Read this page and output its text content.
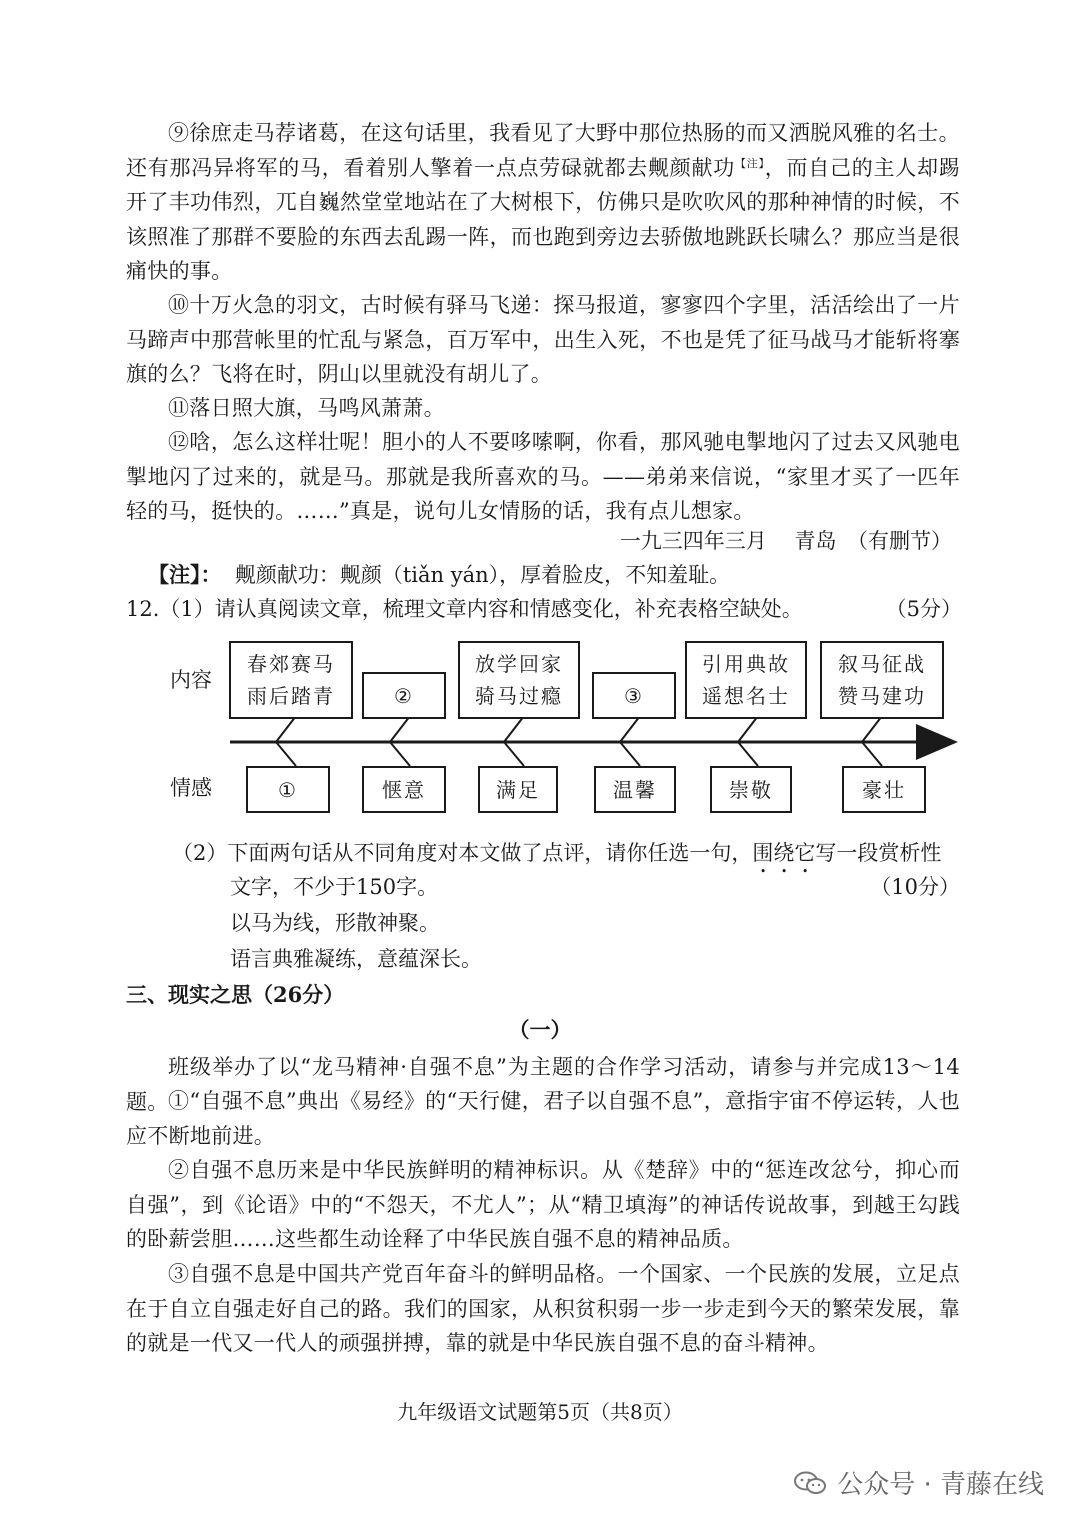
⑨徐庶走马荐诸葛，在这句话里，我看见了大野中那位热肠的而又洒脱风雅的名士。还有那冯异将军的马，看着别人擎着一点点劳碌就都去觍颜献功$^{【注】}$，而自己的主人却踢开了丰功伟烈，兀自巍然堂堂地站在了大树根下，仿佛只是吹吹风的那种神情的时候，不该照准了那群不要脸的东西去乱踢一阵，而也跑到旁边去骄傲地跳跃长啸么？那应当是很痛快的事。
⑩十万火急的羽文，古时候有驿马飞递：探马报道，寥寥四个字里，活活绘出了一片马蹄声中那营帐里的忙乱与紧急，百万军中，出生入死，不也是凭了征马战马才能斩将搴旗的么？飞将在时，阴山以里就没有胡儿了。
⑪落日照大旗，马鸣风萧萧。
⑫唅，怎么这样壮呢！胆小的人不要哆嗦啊，你看，那风驰电掣地闪了过去又风驰电掣地闪了过来的，就是马。那就是我所喜欢的马。——弟弟来信说，“家里才买了一匹年轻的马，挺快的。……”真是，说句儿女情肠的话，我有点儿想家。
一九三四年三月　 青岛　（有删节）
【注】： 觍颜献功：觍颜（tiǎn yán），厚着脸皮，不知羞耻。
12.（1）请认真阅读文章，梳理文章内容和情感变化，补充表格空缺处。	（5分）
内容
情感
春郊赛马
雨后踏青	②
放学回家
骑马过瘾	③
引用典故
遥想名士
叙马征战
赞马建功
①	惬意	满足	温馨	崇敬	豪壮
（2）下面两句话从不同角度对本文做了点评，请你任选一句，围绕它写一段赏析性
文字，不少于150字。	（10分）
以马为线，形散神聚。
语言典雅凝练，意蕴深长。
三、现实之思（26分）
（一）
班级举办了以“龙马精神·自强不息”为主题的合作学习活动，请参与并完成13～14题。 ①“自强不息”典出《易经》的“天行健，君子以自强不息”，意指宇宙不停运转，人也应不断地前进。
②自强不息历来是中华民族鲜明的精神标识。从《楚辞》中的“惩连改忿兮，抑心而自强”，到《论语》中的“不怨天，不尤人”；从“精卫填海”的神话传说故事，到越王勾践的卧薪尝胆……这些都生动诠释了中华民族自强不息的精神品质。
③自强不息是中国共产党百年奋斗的鲜明品格。一个国家、一个民族的发展，立足点在于自立自强走好自己的路。我们的国家，从积贫积弱一步一步走到今天的繁荣发展，靠的就是一代又一代人的顽强拼搏，靠的就是中华民族自强不息的奋斗精神。
九年级语文试题第5页（共8页）
公众号 · 青藤在线
